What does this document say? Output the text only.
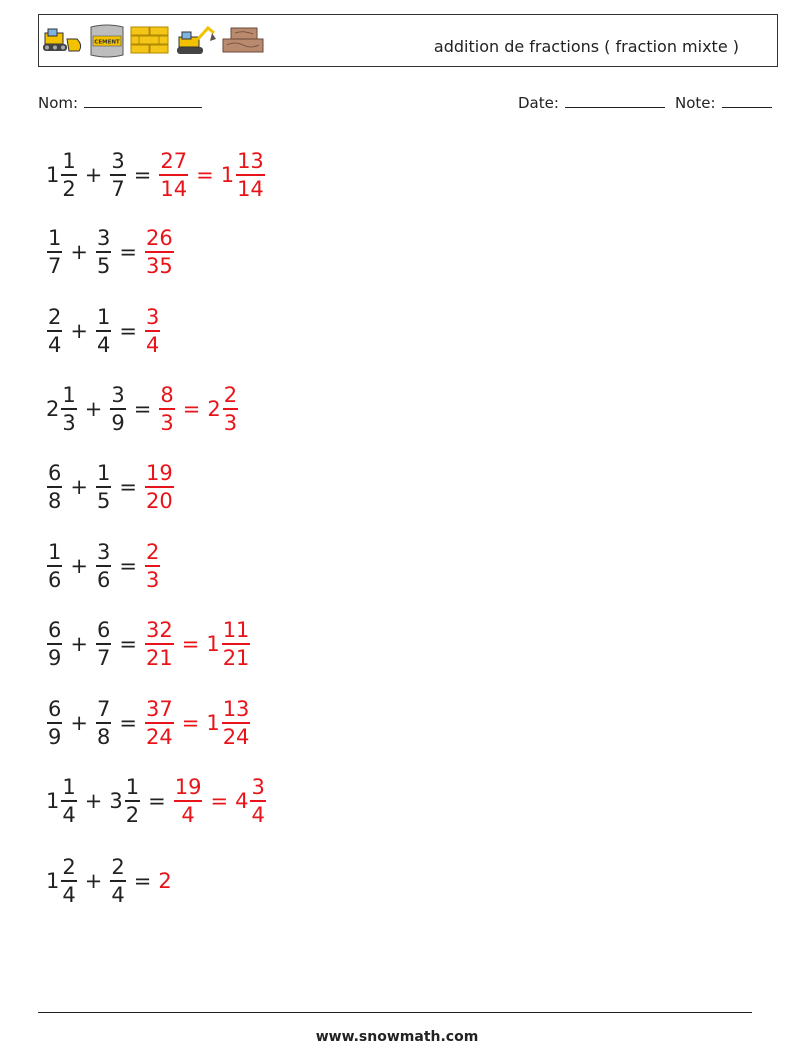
CEMENT	addition de fractions ( fraction mixte )
Nom:	Date:	Note:
$1 \frac{1}{2} + \frac{3}{7} = \frac{27}{14} = 1 \frac{13}{14}$
$\frac{1}{7} + \frac{3}{5} = \frac{26}{35}$
$\frac{2}{4} + \frac{1}{4} = \frac{3}{4}$
$2 \frac{1}{3} + \frac{3}{9} = \frac{8}{3} = 2 \frac{2}{3}$
$\frac{6}{8} + \frac{1}{5} = \frac{19}{20}$
$\frac{1}{6} + \frac{3}{6} = \frac{2}{3}$
$\frac{6}{9} + \frac{6}{7} = \frac{32}{21} = 1 \frac{11}{21}$
$\frac{6}{9} + \frac{7}{8} = \frac{37}{24} = 1 \frac{13}{24}$
$1 \frac{1}{4} + 3 \frac{1}{2} = \frac{19}{4} = 4 \frac{3}{4}$
$1 \frac{2}{4} + \frac{2}{4} = 2$
www.snowmath.com
